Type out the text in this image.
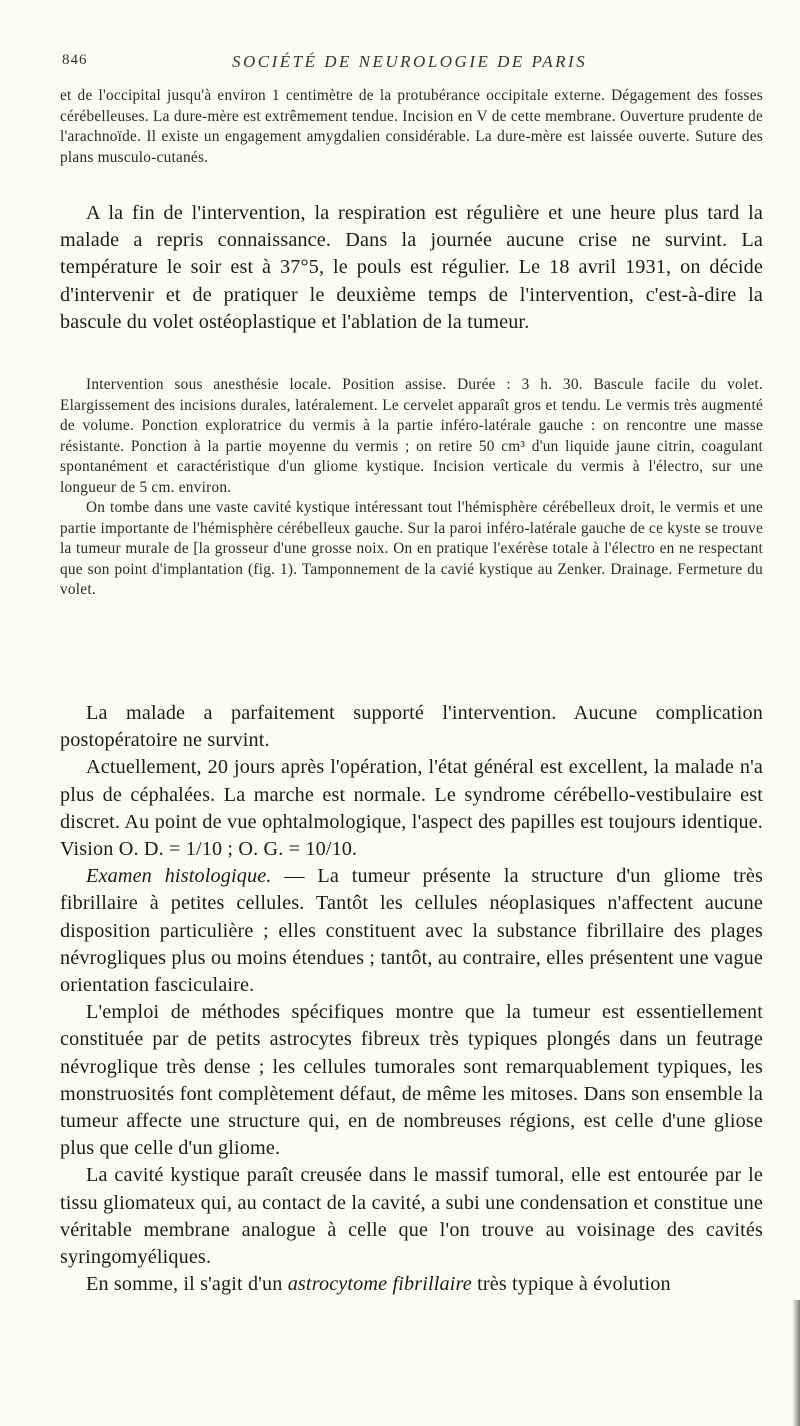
846	SOCIÉTÉ DE NEUROLOGIE DE PARIS

et de l'occipital jusqu'à environ 1 centimètre de la protubérance occipitale externe. Dégagement des fosses cérébelleuses. La dure-mère est extrêmement tendue. Incision en V de cette membrane. Ouverture prudente de l'arachnoïde. Il existe un engagement amygdalien considérable. La dure-mère est laissée ouverte. Suture des plans musculo-cutanés.

A la fin de l'intervention, la respiration est régulière et une heure plus tard la malade a repris connaissance. Dans la journée aucune crise ne survint. La température le soir est à 37°5, le pouls est régulier. Le 18 avril 1931, on décide d'intervenir et de pratiquer le deuxième temps de l'intervention, c'est-à-dire la bascule du volet ostéoplastique et l'ablation de la tumeur.

Intervention sous anesthésie locale. Position assise. Durée : 3 h. 30. Bascule facile du volet. Elargissement des incisions durales, latéralement. Le cervelet apparaît gros et tendu. Le vermis très augmenté de volume. Ponction exploratrice du vermis à la partie inféro-latérale gauche : on rencontre une masse résistante. Ponction à la partie moyenne du vermis ; on retire 50 cm³ d'un liquide jaune citrin, coagulant spontanément et caractéristique d'un gliome kystique. Incision verticale du vermis à l'électro, sur une longueur de 5 cm. environ.

On tombe dans une vaste cavité kystique intéressant tout l'hémisphère cérébelleux droit, le vermis et une partie importante de l'hémisphère cérébelleux gauche. Sur la paroi inféro-latérale gauche de ce kyste se trouve la tumeur murale de [la grosseur d'une grosse noix. On en pratique l'exérèse totale à l'électro en ne respectant que son point d'implantation (fig. 1). Tamponnement de la cavié kystique au Zenker. Drainage. Fermeture du volet.

La malade a parfaitement supporté l'intervention. Aucune complication postopératoire ne survint.

Actuellement, 20 jours après l'opération, l'état général est excellent, la malade n'a plus de céphalées. La marche est normale. Le syndrome cérébello-vestibulaire est discret. Au point de vue ophtalmologique, l'aspect des papilles est toujours identique. Vision O. D. = 1/10 ; O. G. = 10/10.

Examen histologique. — La tumeur présente la structure d'un gliome très fibrillaire à petites cellules. Tantôt les cellules néoplasiques n'affectent aucune disposition particulière ; elles constituent avec la substance fibrillaire des plages névrogliques plus ou moins étendues ; tantôt, au contraire, elles présentent une vague orientation fasciculaire.

L'emploi de méthodes spécifiques montre que la tumeur est essentiellement constituée par de petits astrocytes fibreux très typiques plongés dans un feutrage névroglique très dense ; les cellules tumorales sont remarquablement typiques, les monstruosités font complètement défaut, de même les mitoses. Dans son ensemble la tumeur affecte une structure qui, en de nombreuses régions, est celle d'une gliose plus que celle d'un gliome.

La cavité kystique paraît creusée dans le massif tumoral, elle est entourée par le tissu gliomateux qui, au contact de la cavité, a subi une condensation et constitue une véritable membrane analogue à celle que l'on trouve au voisinage des cavités syringomyéliques.

En somme, il s'agit d'un astrocytome fibrillaire très typique à évolution
